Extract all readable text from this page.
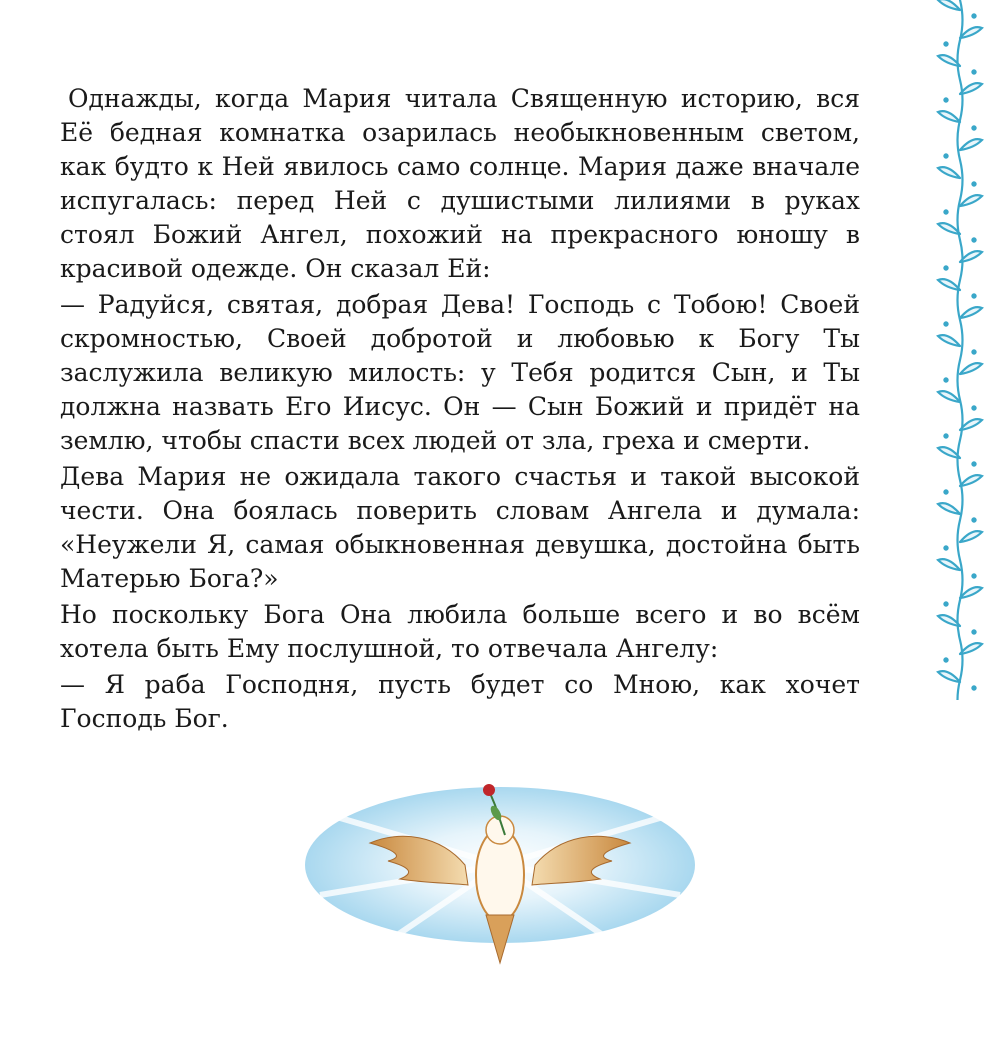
Однажды, когда Мария читала Священную историю, вся Её бедная комнатка озарилась необыкновенным светом, как будто к Ней явилось само солнце. Мария даже вначале испугалась: перед Ней с душистыми лилиями в руках стоял Божий Ангел, похожий на прекрасного юношу в красивой одежде. Он сказал Ей:

— Радуйся, святая, добрая Дева! Господь с Тобою! Своей скромностью, Своей добротой и любовью к Богу Ты заслужила великую милость: у Тебя родится Сын, и Ты должна назвать Его Иисус. Он — Сын Божий и придёт на землю, чтобы спасти всех людей от зла, греха и смерти.

Дева Мария не ожидала такого счастья и такой высокой чести. Она боялась поверить словам Ангела и думала: «Неужели Я, самая обыкновенная девушка, достойна быть Матерью Бога?»

Но поскольку Бога Она любила больше всего и во всём хотела быть Ему послушной, то отвечала Ангелу:

— Я раба Господня, пусть будет со Мною, как хочет Господь Бог.
